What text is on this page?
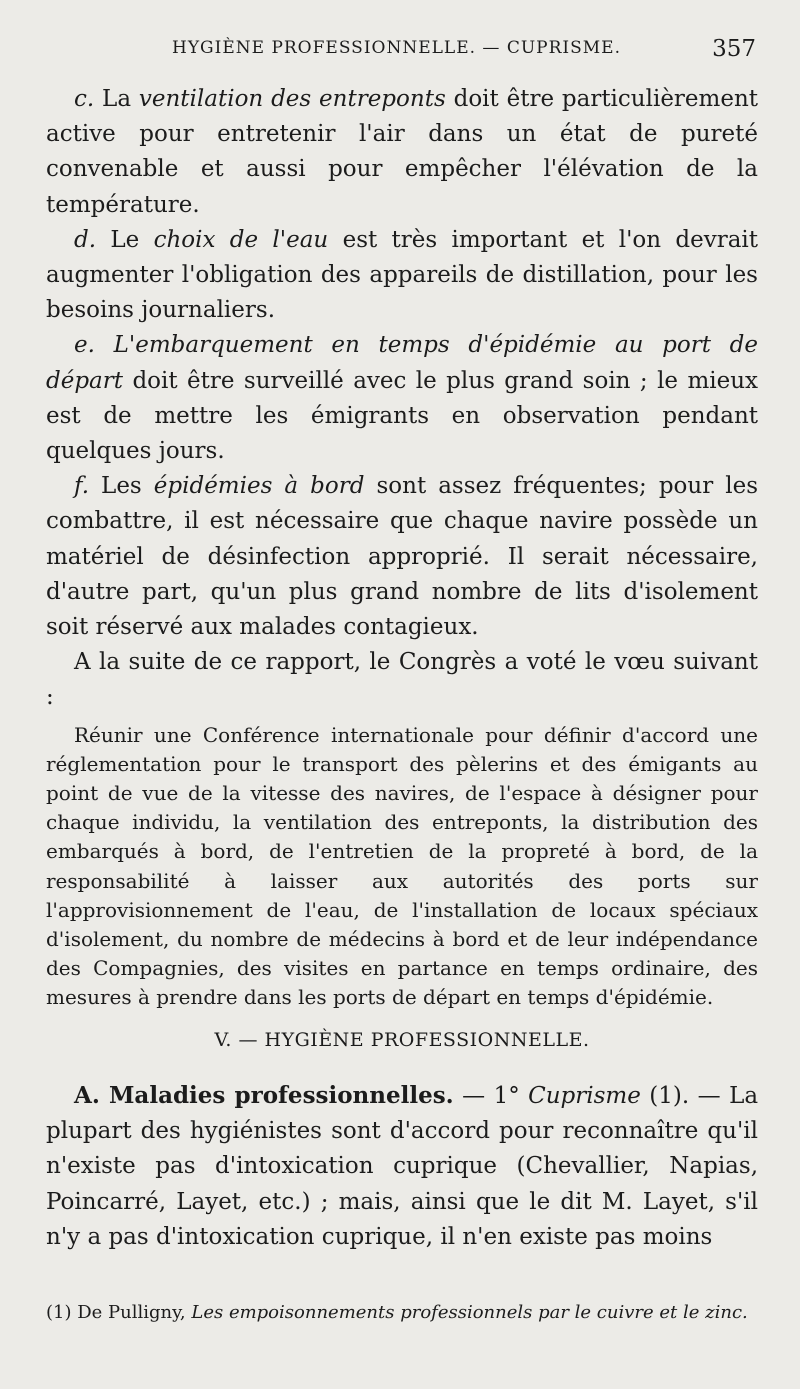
HYGIÈNE PROFESSIONNELLE. — CUPRISME.	357

c. La ventilation des entreponts doit être particulièrement active pour entretenir l'air dans un état de pureté convenable et aussi pour empêcher l'élévation de la température.

d. Le choix de l'eau est très important et l'on devrait augmenter l'obligation des appareils de distillation, pour les besoins journaliers.

e. L'embarquement en temps d'épidémie au port de départ doit être surveillé avec le plus grand soin ; le mieux est de mettre les émigrants en observation pendant quelques jours.

f. Les épidémies à bord sont assez fréquentes; pour les combattre, il est nécessaire que chaque navire possède un matériel de désinfection approprié. Il serait nécessaire, d'autre part, qu'un plus grand nombre de lits d'isolement soit réservé aux malades contagieux.

A la suite de ce rapport, le Congrès a voté le vœu suivant :

Réunir une Conférence internationale pour définir d'accord une réglementation pour le transport des pèlerins et des émigants au point de vue de la vitesse des navires, de l'espace à désigner pour chaque individu, la ventilation des entreponts, la distribution des embarqués à bord, de l'entretien de la propreté à bord, de la responsabilité à laisser aux autorités des ports sur l'approvisionnement de l'eau, de l'installation de locaux spéciaux d'isolement, du nombre de médecins à bord et de leur indépendance des Compagnies, des visites en partance en temps ordinaire, des mesures à prendre dans les ports de départ en temps d'épidémie.

V. — HYGIÈNE PROFESSIONNELLE.

A. Maladies professionnelles. — 1° Cuprisme (1). — La plupart des hygiénistes sont d'accord pour reconnaître qu'il n'existe pas d'intoxication cuprique (Chevallier, Napias, Poincarré, Layet, etc.) ; mais, ainsi que le dit M. Layet, s'il n'y a pas d'intoxication cuprique, il n'en existe pas moins

(1) De Pulligny, Les empoisonnements professionnels par le cuivre et le zinc.
